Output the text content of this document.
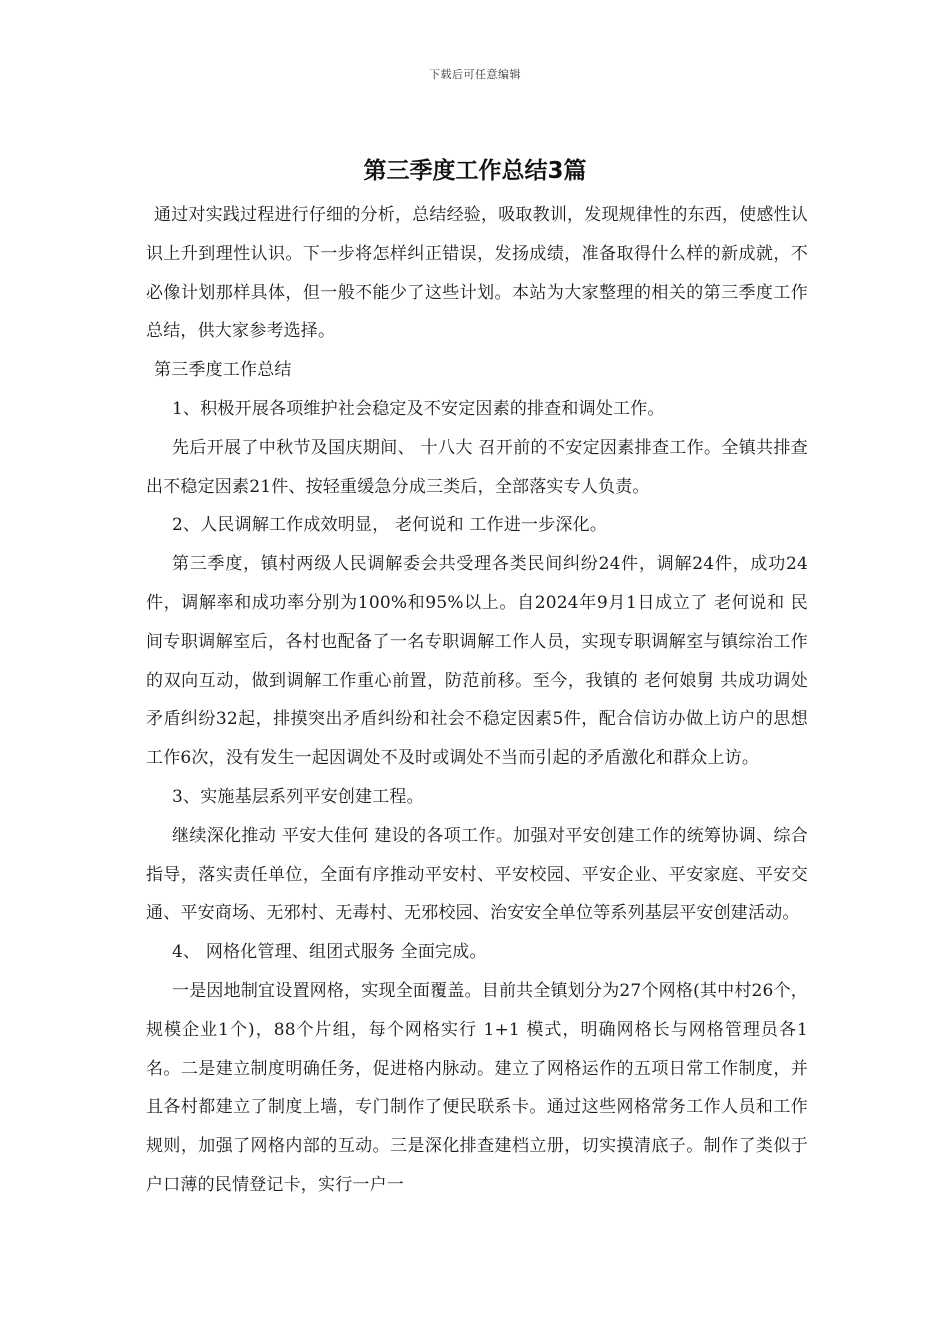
下载后可任意编辑
第三季度工作总结3篇

通过对实践过程进行仔细的分析，总结经验，吸取教训，发现规律性的东西，使感性认识上升到理性认识。下一步将怎样纠正错误，发扬成绩，准备取得什么样的新成就，不必像计划那样具体，但一般不能少了这些计划。本站为大家整理的相关的第三季度工作总结，供大家参考选择。

第三季度工作总结

1、积极开展各项维护社会稳定及不安定因素的排查和调处工作。

先后开展了中秋节及国庆期间、 十八大 召开前的不安定因素排查工作。全镇共排查出不稳定因素21件、按轻重缓急分成三类后，全部落实专人负责。

2、人民调解工作成效明显， 老何说和 工作进一步深化。

第三季度，镇村两级人民调解委会共受理各类民间纠纷24件，调解24件，成功24件，调解率和成功率分别为100%和95%以上。自2024年9月1日成立了 老何说和 民间专职调解室后，各村也配备了一名专职调解工作人员，实现专职调解室与镇综治工作的双向互动，做到调解工作重心前置，防范前移。至今，我镇的 老何娘舅 共成功调处矛盾纠纷32起，排摸突出矛盾纠纷和社会不稳定因素5件，配合信访办做上访户的思想工作6次，没有发生一起因调处不及时或调处不当而引起的矛盾激化和群众上访。

3、实施基层系列平安创建工程。

继续深化推动 平安大佳何 建设的各项工作。加强对平安创建工作的统筹协调、综合指导，落实责任单位，全面有序推动平安村、平安校园、平安企业、平安家庭、平安交通、平安商场、无邪村、无毒村、无邪校园、治安安全单位等系列基层平安创建活动。

4、 网格化管理、组团式服务 全面完成。

一是因地制宜设置网格，实现全面覆盖。目前共全镇划分为27个网格(其中村26个，规模企业1个)，88个片组，每个网格实行 1+1 模式，明确网格长与网格管理员各1名。二是建立制度明确任务，促进格内脉动。建立了网格运作的五项日常工作制度，并且各村都建立了制度上墙，专门制作了便民联系卡。通过这些网格常务工作人员和工作规则，加强了网格内部的互动。三是深化排查建档立册，切实摸清底子。制作了类似于户口薄的民情登记卡，实行一户一
